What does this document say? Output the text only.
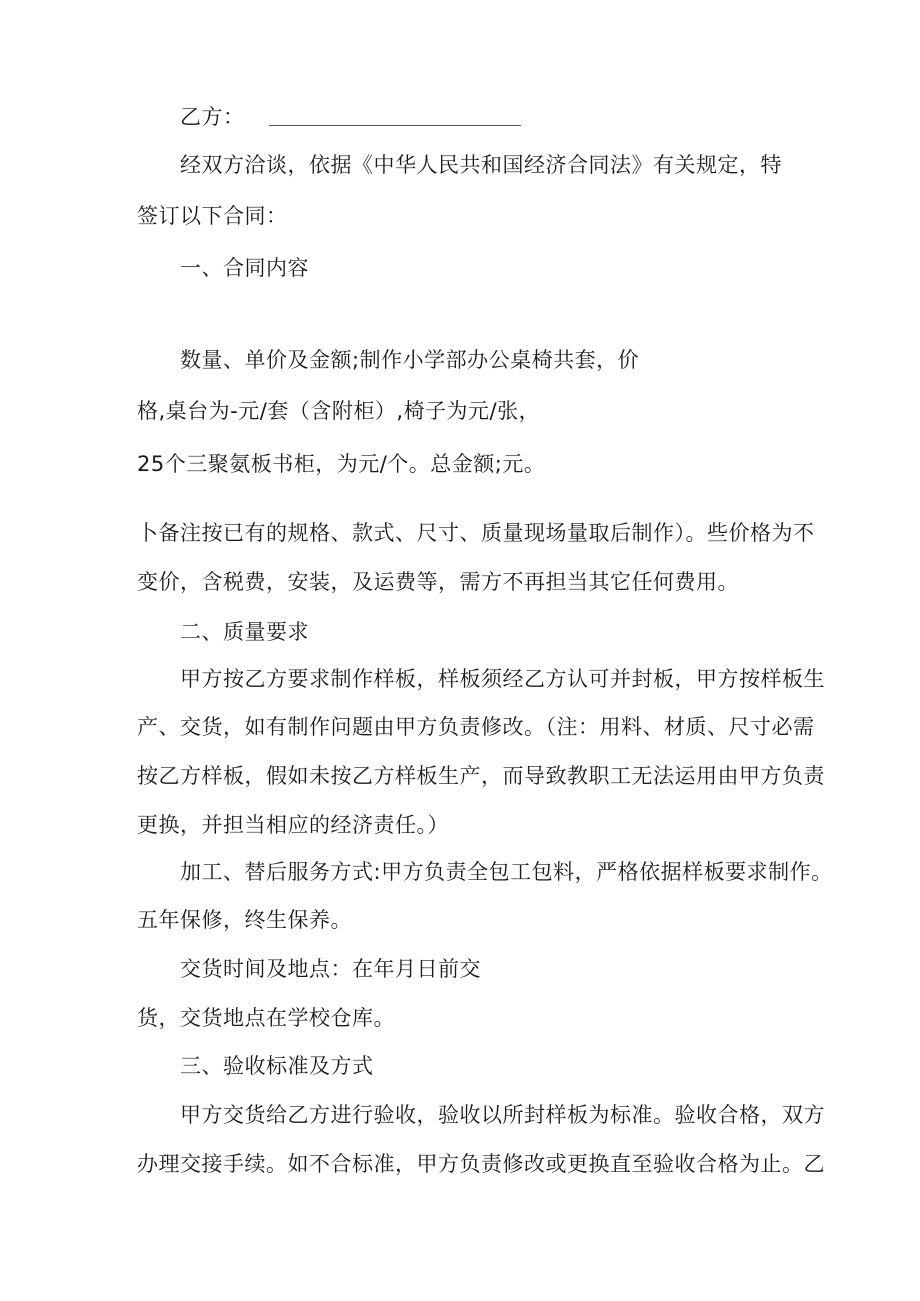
乙方：
经双方洽谈，依据《中华人民共和国经济合同法》有关规定，特
签订以下合同：
一、合同内容
数量、单价及金额;制作小学部办公桌椅共套，价
格,桌台为-元/套（含附柜）,椅子为元/张，
25个三聚氨板书柜，为元/个。总金额;元。
卜备注按已有的规格、款式、尺寸、质量现场量取后制作）。些价格为不
变价，含税费，安装，及运费等，需方不再担当其它任何费用。
二、质量要求
甲方按乙方要求制作样板，样板须经乙方认可并封板，甲方按样板生
产、交货，如有制作问题由甲方负责修改。（注：用料、材质、尺寸必需
按乙方样板，假如未按乙方样板生产，而导致教职工无法运用由甲方负责
更换，并担当相应的经济责任。）
加工、替后服务方式:甲方负责全包工包料，严格依据样板要求制作。
五年保修，终生保养。
交货时间及地点：在年月日前交
货，交货地点在学校仓库。
三、验收标准及方式
甲方交货给乙方进行验收，验收以所封样板为标准。验收合格，双方
办理交接手续。如不合标准，甲方负责修改或更换直至验收合格为止。乙
